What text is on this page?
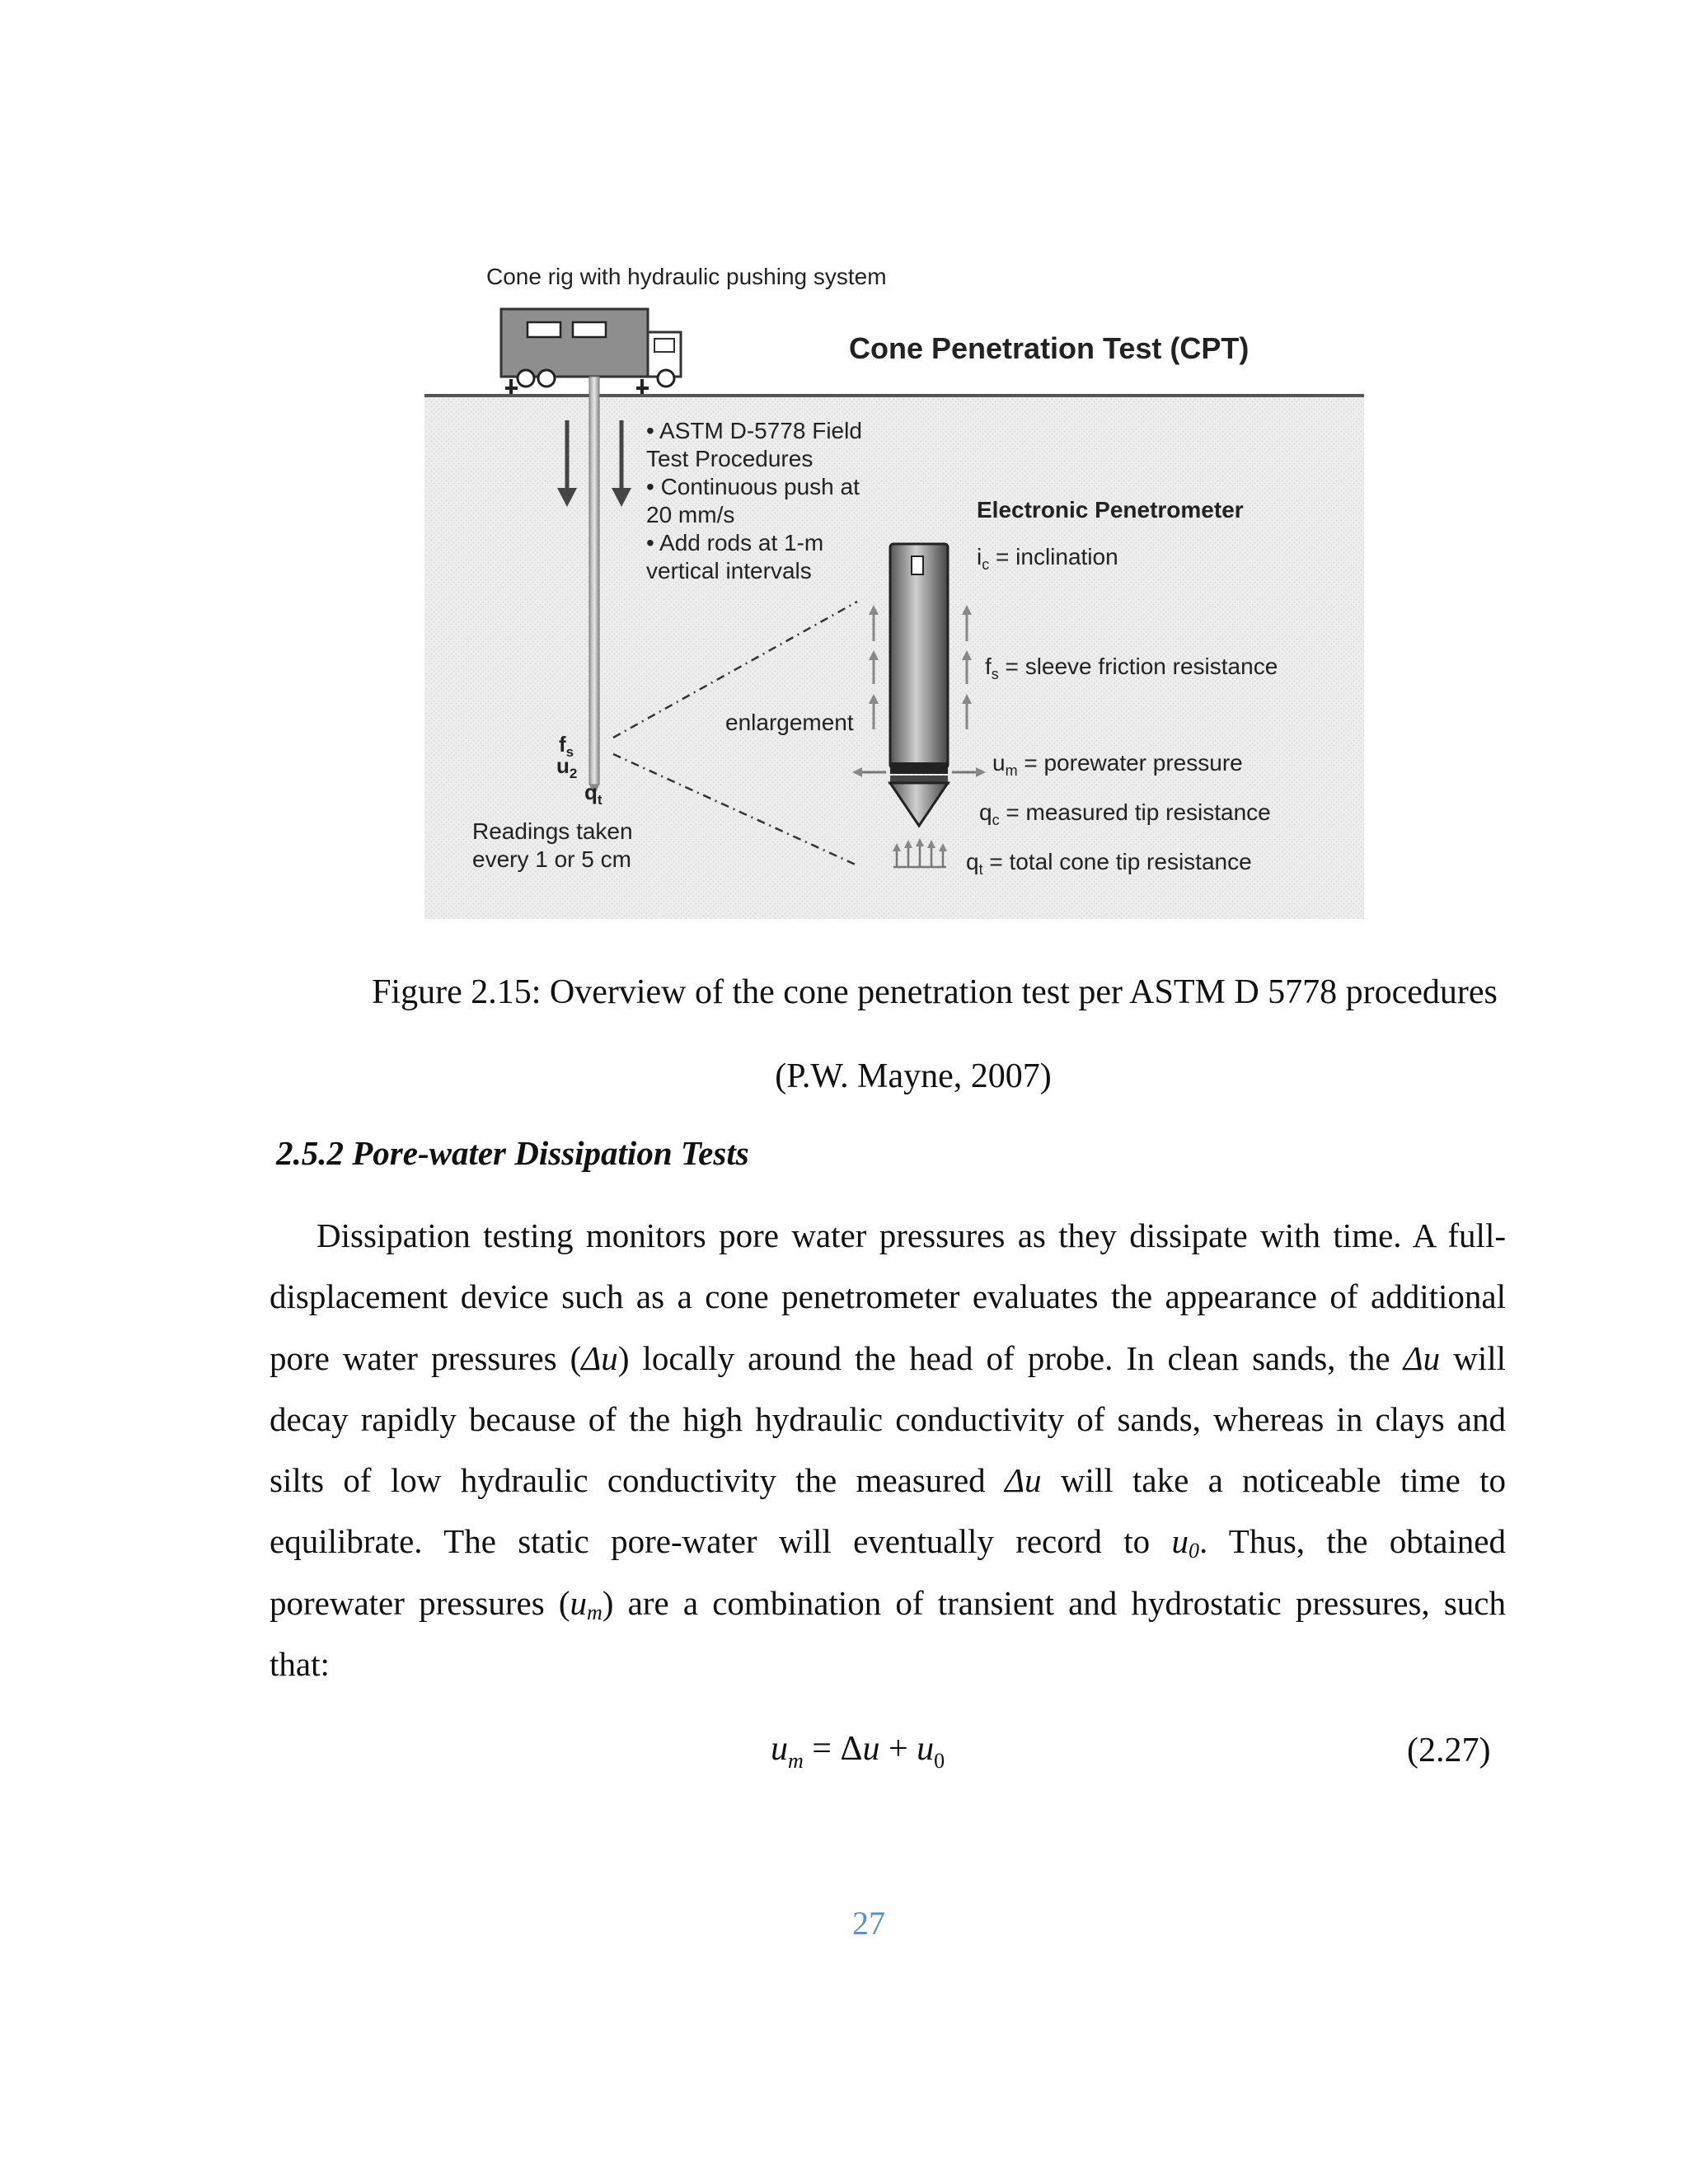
• ASTM D-5778 Field
Test Procedures
• Continuous push at
20 mm/s
• Add rods at 1-m
vertical intervals
Cone rig with hydraulic pushing system
Cone Penetration Test (CPT)
Electronic Penetrometer
enlargement
$f_s$
$u_2$
$q_t$
Readings taken
every 1 or 5 cm
$i_c$ = inclination
$f_s$ = sleeve friction resistance
$u_m$ = porewater pressure
$q_c$ = measured tip resistance
$q_t$ = total cone tip resistance
Figure 2.15: Overview of the cone penetration test per ASTM D 5778 procedures
(P.W. Mayne, 2007)
2.5.2 Pore-water Dissipation Tests
Dissipation testing monitors pore water pressures as they dissipate with time. A full-
displacement device such as a cone penetrometer evaluates the appearance of additional
pore water pressures (Δu) locally around the head of probe. In clean sands, the Δu will
decay rapidly because of the high hydraulic conductivity of sands, whereas in clays and
silts of low hydraulic conductivity the measured Δu will take a noticeable time to
equilibrate. The static pore-water will eventually record to $u_0$. Thus, the obtained
porewater pressures $(u_m)$ are a combination of transient and hydrostatic pressures, such
that:
$u_m = \Delta u + u_0$	(2.27)
27
